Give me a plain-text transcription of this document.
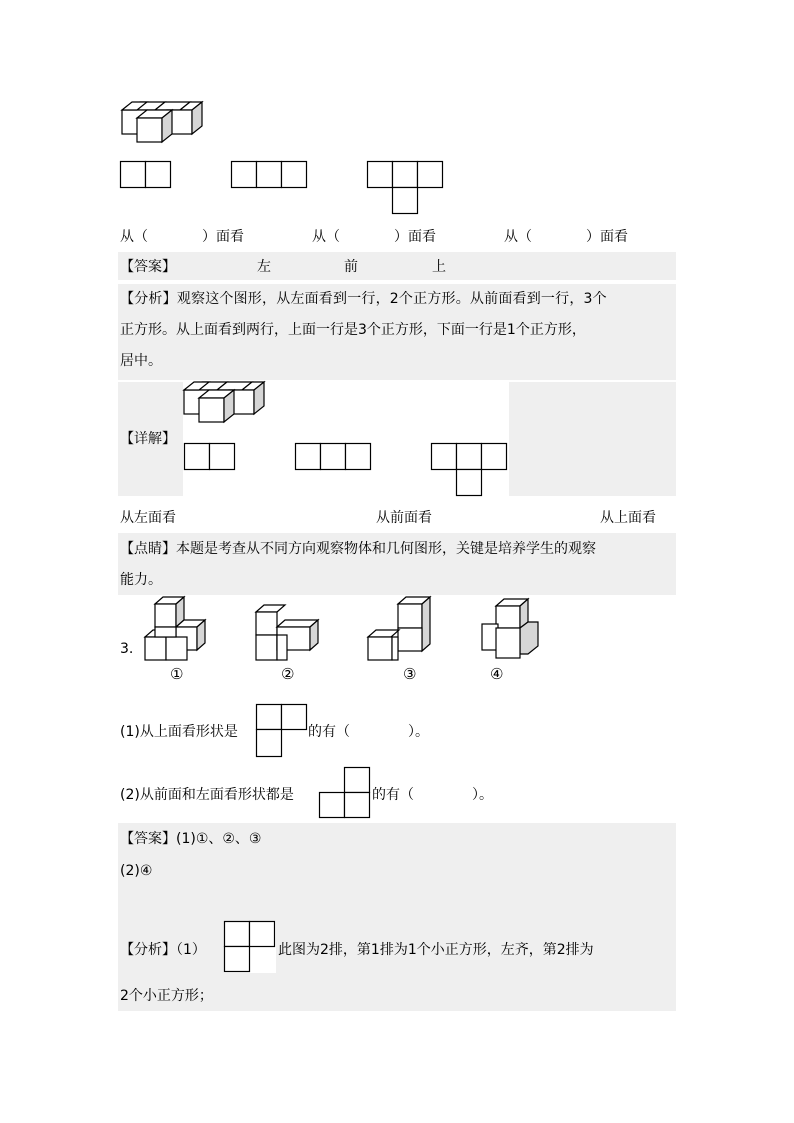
从（	）面看	从（	）面看	从（	）面看
【答案】	左	前	上
【分析】观察这个图形，从左面看到一行，2个正方形。从前面看到一行，3个
正方形。从上面看到两行，上面一行是3个正方形，下面一行是1个正方形，
居中。
【详解】
从左面看	从前面看	从上面看
【点睛】本题是考查从不同方向观察物体和几何图形，关键是培养学生的观察
能力。
3.
①	②	③	④
(1)从上面看形状是	的有（	）。
(2)从前面和左面看形状都是	的有（	）。
【答案】(1)①、②、③
(2)④
【分析】（1）	此图为2排，第1排为1个小正方形，左齐，第2排为
2个小正方形；
